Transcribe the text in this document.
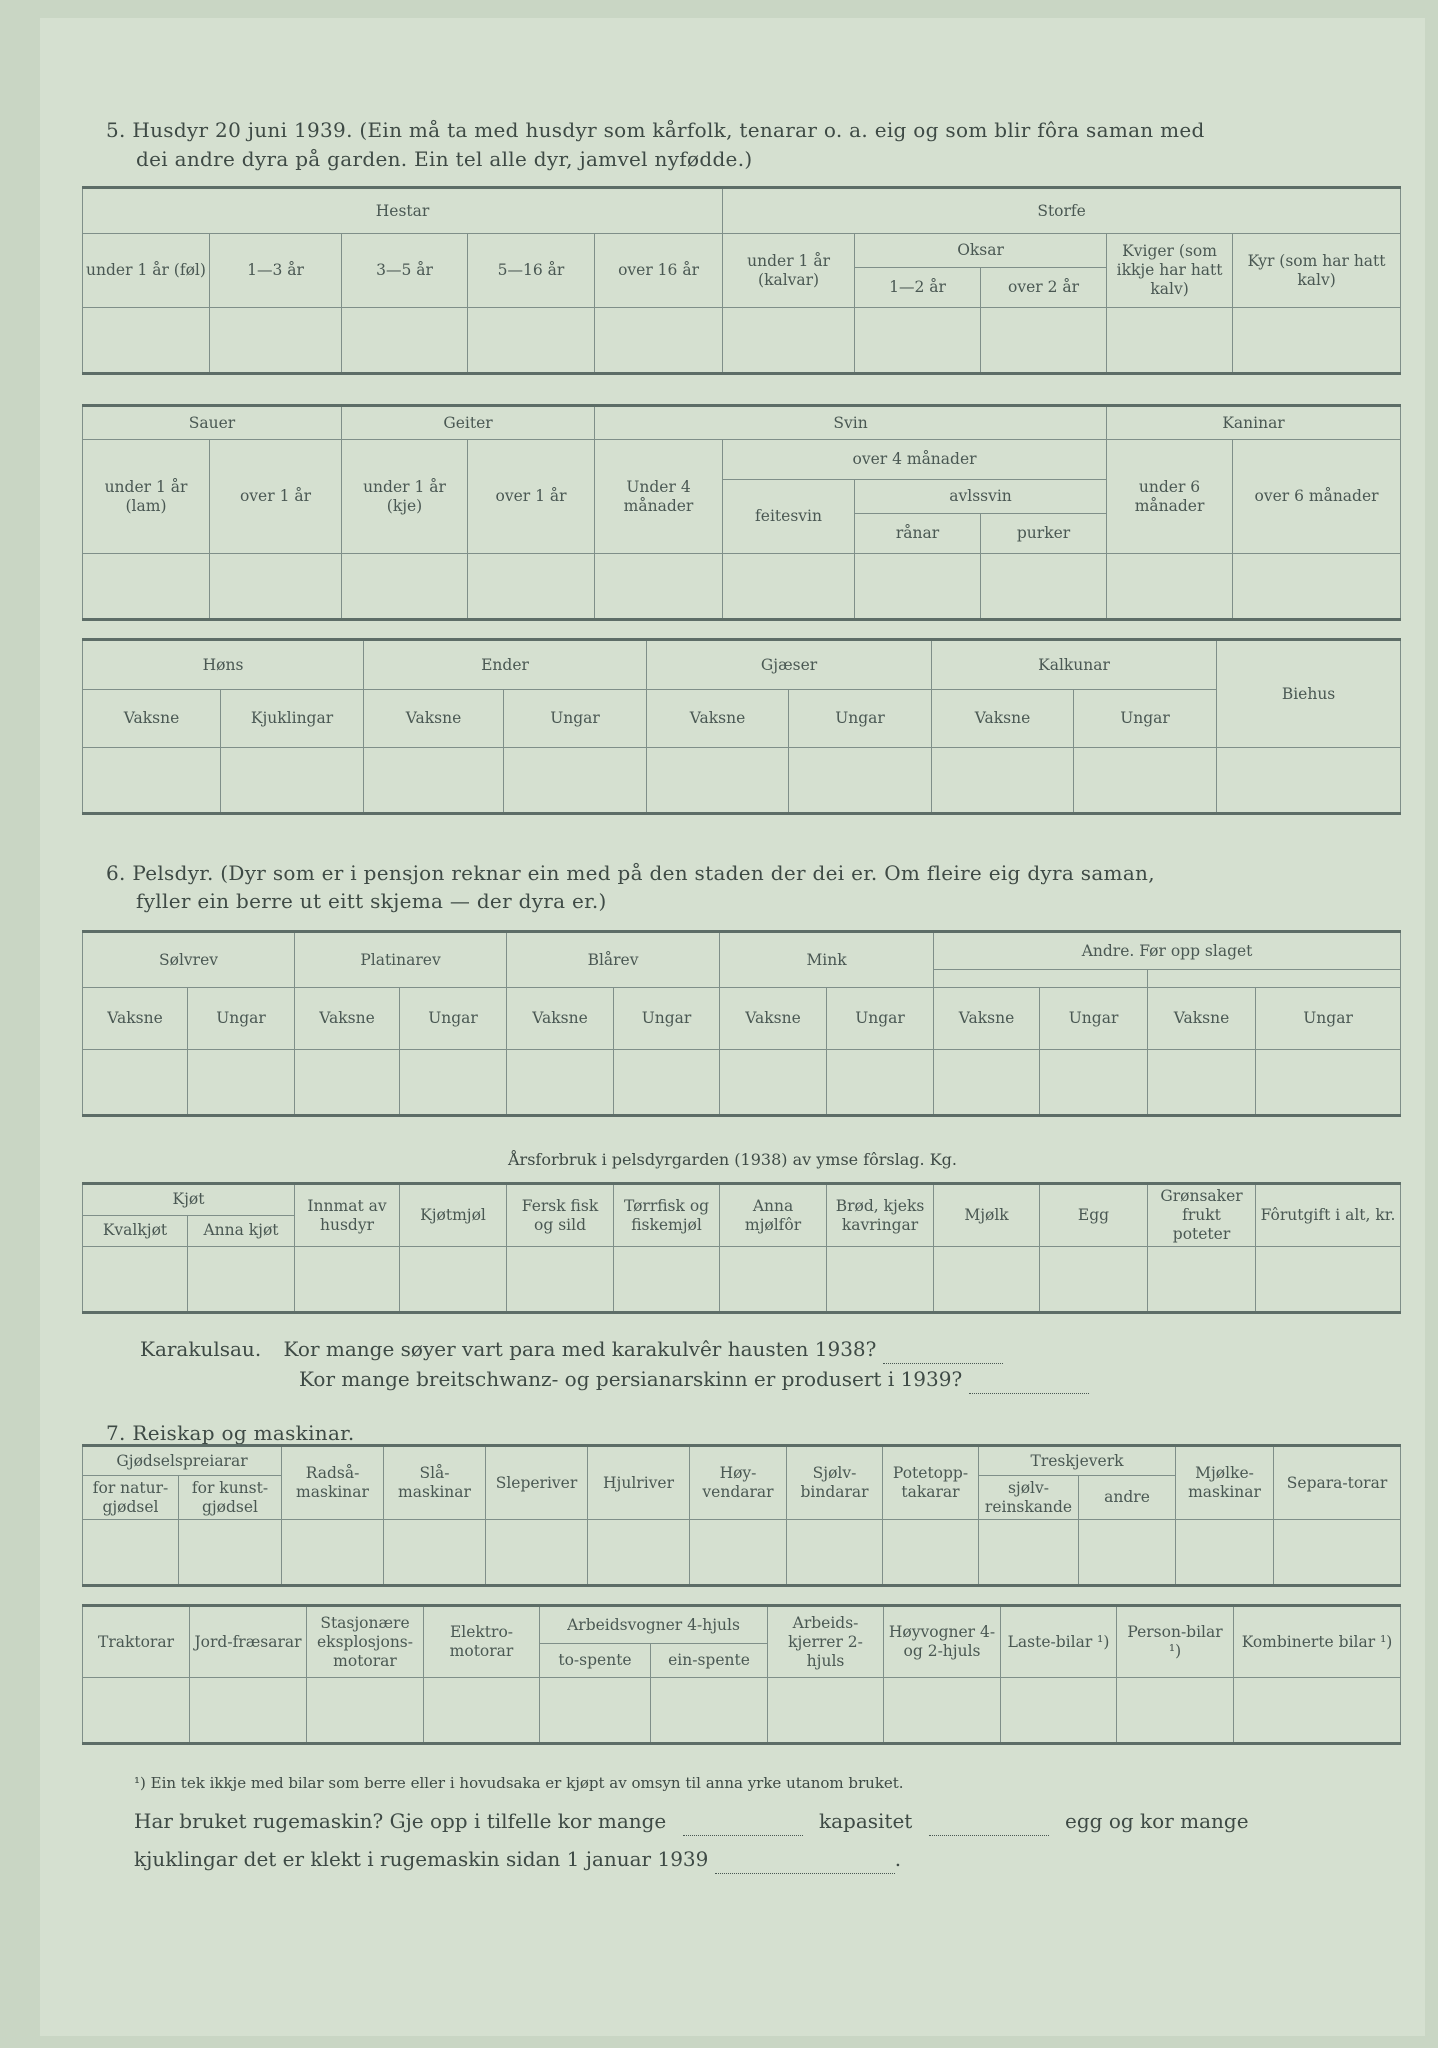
5. Husdyr 20 juni 1939. (Ein må ta med husdyr som kårfolk, tenarar o. a. eig og som blir fôra saman med
dei andre dyra på garden. Ein tel alle dyr, jamvel nyfødde.)
Hestar					Storfe				
under 1 år (føl)	1—3 år	3—5 år	5—16 år	over 16 år	under 1 år (kalvar)	Oksar		Kviger (som ikkje har hatt kalv)	Kyr (som har hatt kalv)
						1—2 år	over 2 år		

Sauer		Geiter		Svin				Kaninar	
under 1 år (lam)	over 1 år	under 1 år (kje)	over 1 år	Under 4 månader	over 4 månader			under 6 månader	over 6 månader
					feitesvin	avlssvin			
						rånar	purker		

Høns		Ender		Gjæser		Kalkunar		Biehus
Vaksne	Kjuklingar	Vaksne	Ungar	Vaksne	Ungar	Vaksne	Ungar	

6. Pelsdyr. (Dyr som er i pensjon reknar ein med på den staden der dei er. Om fleire eig dyra saman,
fyller ein berre ut eitt skjema — der dyra er.)
Sølvrev		Platinarev		Blårev		Mink		Andre. Før opp slaget			

Vaksne	Ungar	Vaksne	Ungar	Vaksne	Ungar	Vaksne	Ungar	Vaksne	Ungar	Vaksne	Ungar

Årsforbruk i pelsdyrgarden (1938) av ymse fôrslag. Kg.
Kjøt		Innmat av husdyr	Kjøtmjøl	Fersk fisk og sild	Tørrfisk og fiskemjøl	Anna mjølfôr	Brød, kjeks kavringar	Mjølk	Egg	Grønsaker frukt poteter	Fôrutgift i alt, kr.
Kvalkjøt	Anna kjøt										

Karakulsau. Kor mange søyer vart para med karakulvêr hausten 1938?
Kor mange breitschwanz- og persianarskinn er produsert i 1939?
7. Reiskap og maskinar.
Gjødselspreiarar		Radså-maskinar	Slå-maskinar	Sleperiver	Hjulriver	Høy-vendarar	Sjølv-bindarar	Potetopp-takarar	Treskjeverk		Mjølke-maskinar	Separa-torar
for natur-gjødsel	for kunst-gjødsel								sjølv-reinskande	andre		

Traktorar	Jord-fræsarar	Stasjonære eksplosjons-motorar	Elektro-motorar	Arbeidsvogner 4-hjuls		Arbeids-kjerrer 2-hjuls	Høyvogner 4- og 2-hjuls	Laste-bilar ¹)	Person-bilar ¹)	Kombinerte bilar ¹)
				to-spente	ein-spente					

¹) Ein tek ikkje med bilar som berre eller i hovudsaka er kjøpt av omsyn til anna yrke utanom bruket.
Har bruket rugemaskin? Gje opp i tilfelle kor mange	kapasitet	egg og kor mange
kjuklingar det er klekt i rugemaskin sidan 1 januar 1939	.
